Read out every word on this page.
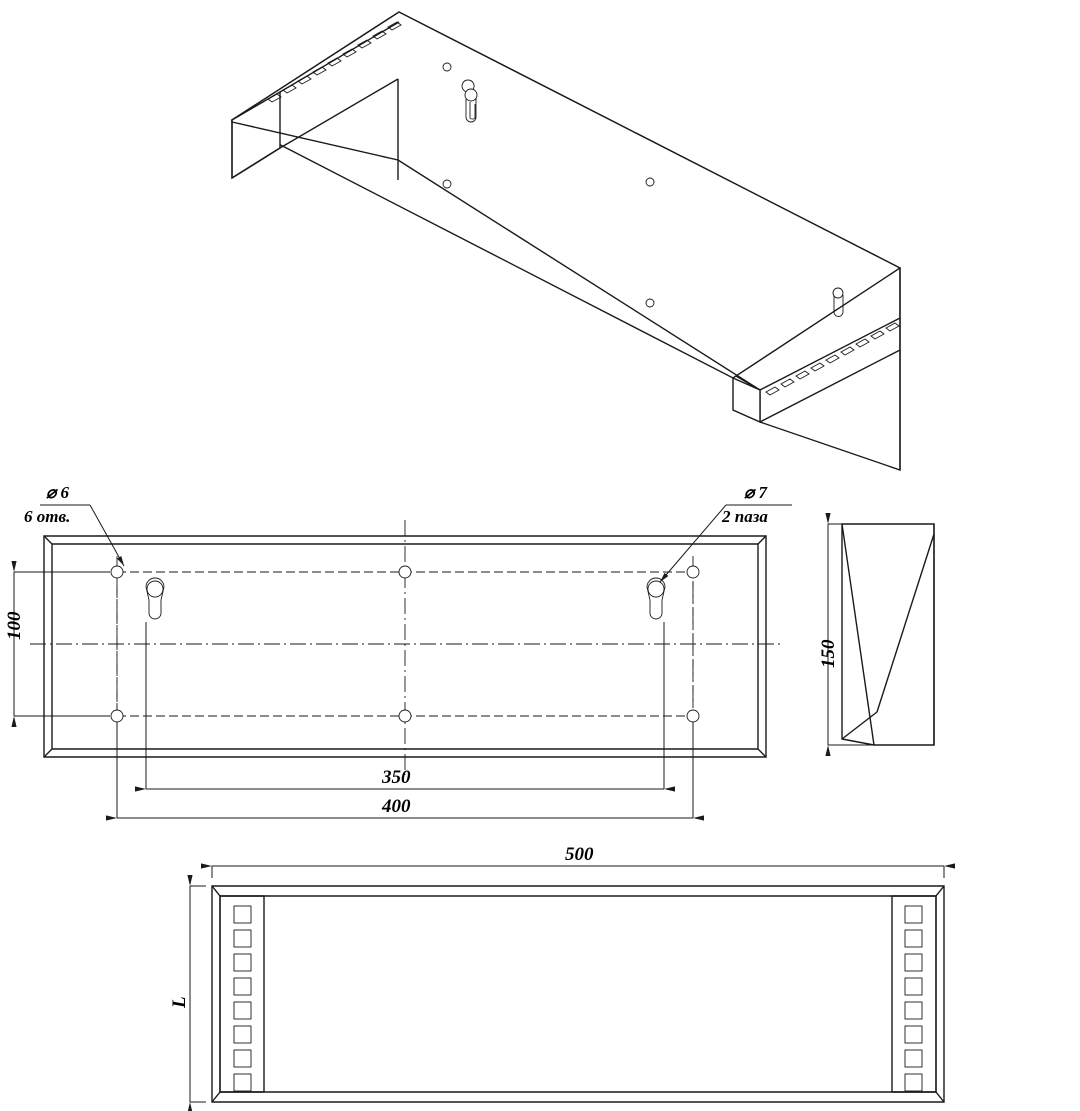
⌀ 6
6 отв.
⌀ 7
2 паза
100
350
400
150
500
L
